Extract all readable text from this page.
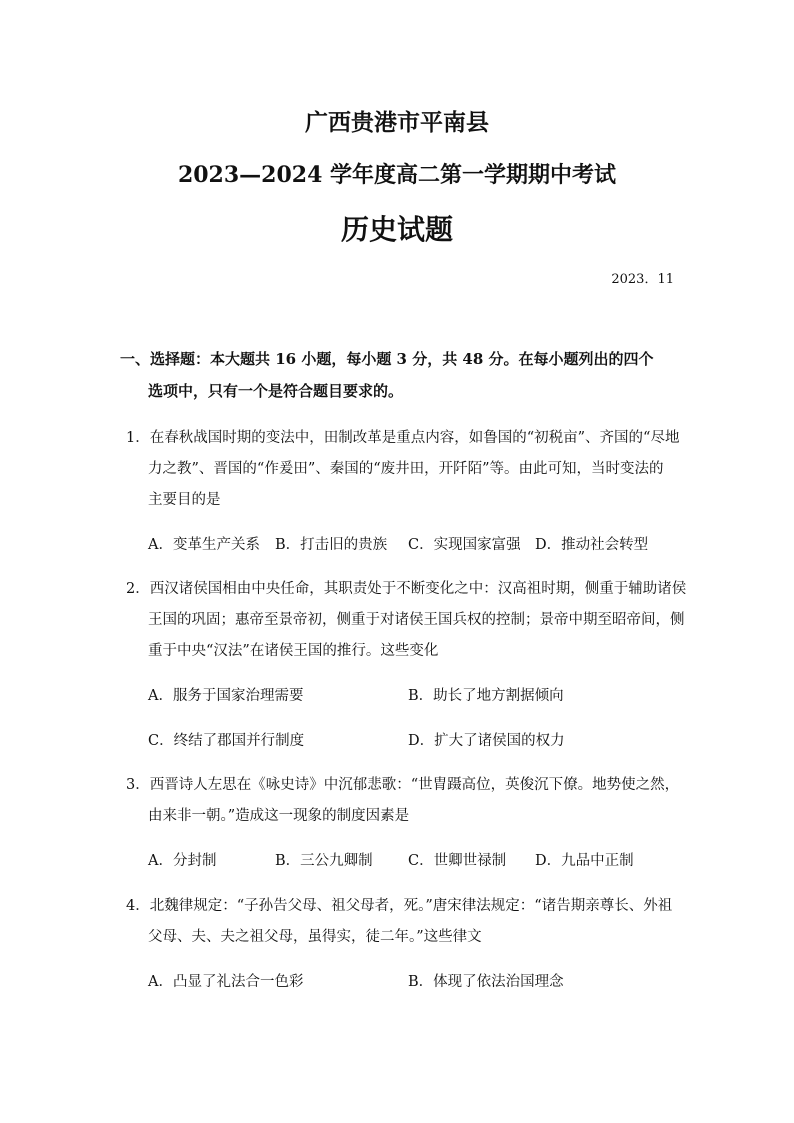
广西贵港市平南县
2023—2024 学年度高二第一学期期中考试
历史试题
2023．11
一、选择题：本大题共 16 小题，每小题 3 分，共 48 分。在每小题列出的四个
选项中，只有一个是符合题目要求的。
1．在春秋战国时期的变法中，田制改革是重点内容，如鲁国的“初税亩”、齐国的“尽地
力之教”、晋国的“作爰田”、秦国的“废井田，开阡陌”等。由此可知，当时变法的
主要目的是
A．变革生产关系 B．打击旧的贵族 C．实现国家富强 D．推动社会转型
2．西汉诸侯国相由中央任命，其职责处于不断变化之中：汉高祖时期，侧重于辅助诸侯
王国的巩固；惠帝至景帝初，侧重于对诸侯王国兵权的控制；景帝中期至昭帝间，侧
重于中央“汉法”在诸侯王国的推行。这些变化
A．服务于国家治理需要	B．助长了地方割据倾向
C．终结了郡国并行制度	D．扩大了诸侯国的权力
3．西晋诗人左思在《咏史诗》中沉郁悲歌：“世胄蹑高位，英俊沉下僚。地势使之然，
由来非一朝。”造成这一现象的制度因素是
A．分封制	B．三公九卿制 C．世卿世禄制 D．九品中正制
4．北魏律规定：“子孙告父母、祖父母者，死。”唐宋律法规定：“诸告期亲尊长、外祖
父母、夫、夫之祖父母，虽得实，徒二年。”这些律文
A．凸显了礼法合一色彩	B．体现了依法治国理念
